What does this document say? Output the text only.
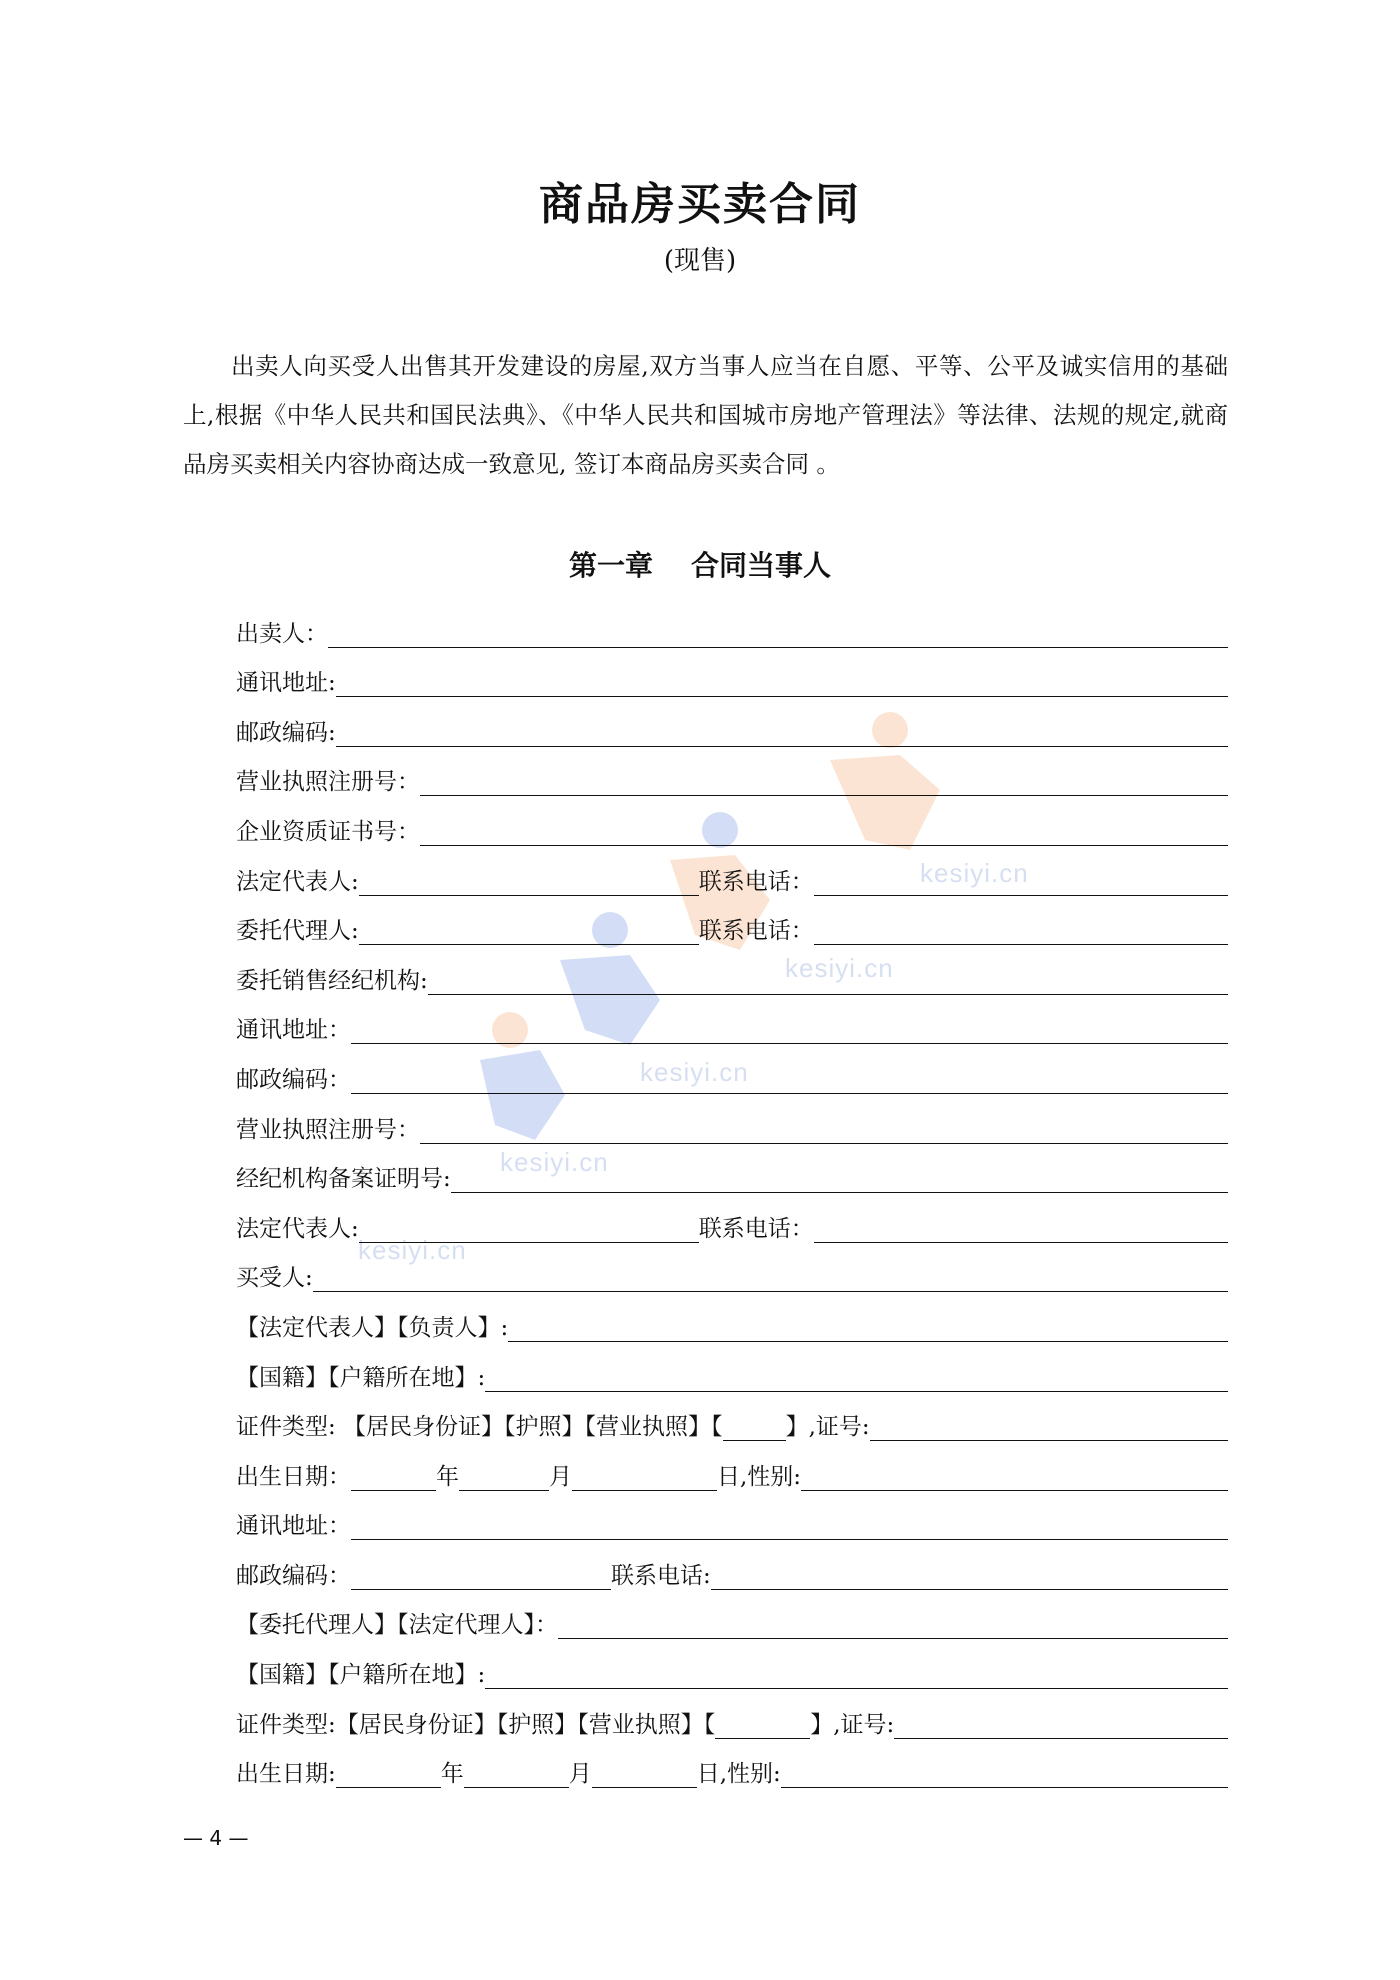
kesiyi.cn
kesiyi.cn
kesiyi.cn
kesiyi.cn
kesiyi.cn
商品房买卖合同
(现售)
出卖人向买受人出售其开发建设的房屋,双方当事人应当在自愿、平等、公平及诚实信用的基础上,根据《中华人民共和国民法典》、《中华人民共和国城市房地产管理法》等法律、法规的规定,就商品房买卖相关内容协商达成一致意见, 签订本商品房买卖合同 。
第一章 合同当事人
出卖人：
通讯地址:
邮政编码:
营业执照注册号：
企业资质证书号：
法定代表人:	联系电话：
委托代理人:	联系电话：
委托销售经纪机构:
通讯地址：
邮政编码：
营业执照注册号：
经纪机构备案证明号:
法定代表人:	联系电话：
买受人:
【法定代表人】【负责人】:
【国籍】【户籍所在地】:
证件类型: 【居民身份证】【护照】【营业执照】【	】,证号:
出生日期：	年	月	日,性别:
通讯地址：
邮政编码：	联系电话:
【委托代理人】【法定代理人】：
【国籍】【户籍所在地】:
证件类型:【居民身份证】【护照】【营业执照】【	】,证号:
出生日期:	年	月	日,性别:
— 4 —
